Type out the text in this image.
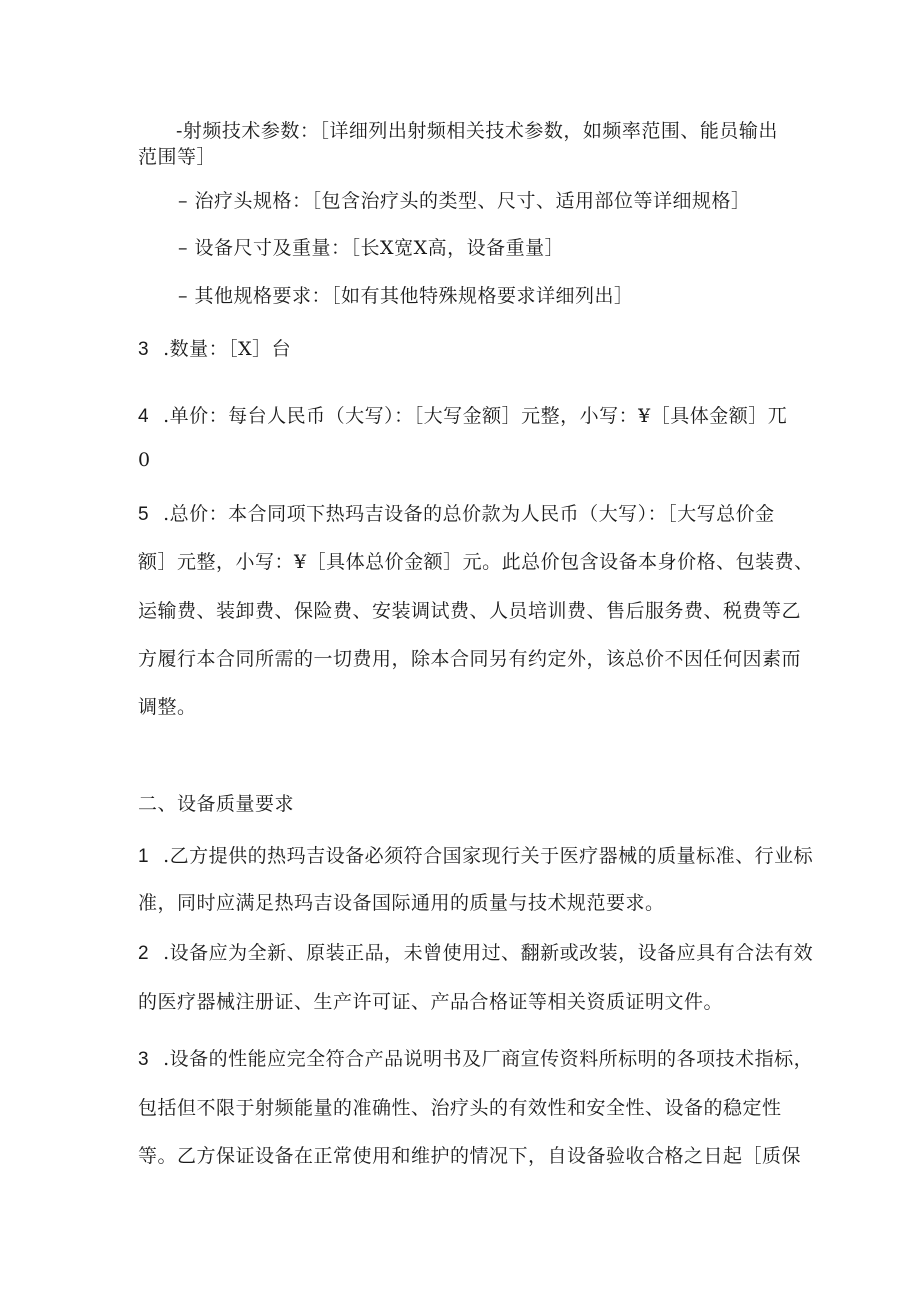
-射频技术参数：［详细列出射频相关技术参数，如频率范围、能员输出
范围等］
– 治疗头规格：［包含治疗头的类型、尺寸、适用部位等详细规格］
– 设备尺寸及重量：［长X宽X高，设备重量］
– 其他规格要求：［如有其他特殊规格要求详细列出］
3 .数量：［X］台
4 .单价：每台人民币（大写）：［大写金额］元整，小写：¥［具体金额］兀
0
5 .总价：本合同项下热玛吉设备的总价款为人民币（大写）：［大写总价金
额］元整，小写：¥［具体总价金额］元。此总价包含设备本身价格、包装费、
运输费、装卸费、保险费、安装调试费、人员培训费、售后服务费、税费等乙
方履行本合同所需的一切费用，除本合同另有约定外，该总价不因任何因素而
调整。
二、设备质量要求
1 .乙方提供的热玛吉设备必须符合国家现行关于医疗器械的质量标准、行业标
准，同时应满足热玛吉设备国际通用的质量与技术规范要求。
2 .设备应为全新、原装正品，未曾使用过、翻新或改装，设备应具有合法有效
的医疗器械注册证、生产许可证、产品合格证等相关资质证明文件。
3 .设备的性能应完全符合产品说明书及厂商宣传资料所标明的各项技术指标，
包括但不限于射频能量的准确性、治疗头的有效性和安全性、设备的稳定性
等。乙方保证设备在正常使用和维护的情况下，自设备验收合格之日起［质保
